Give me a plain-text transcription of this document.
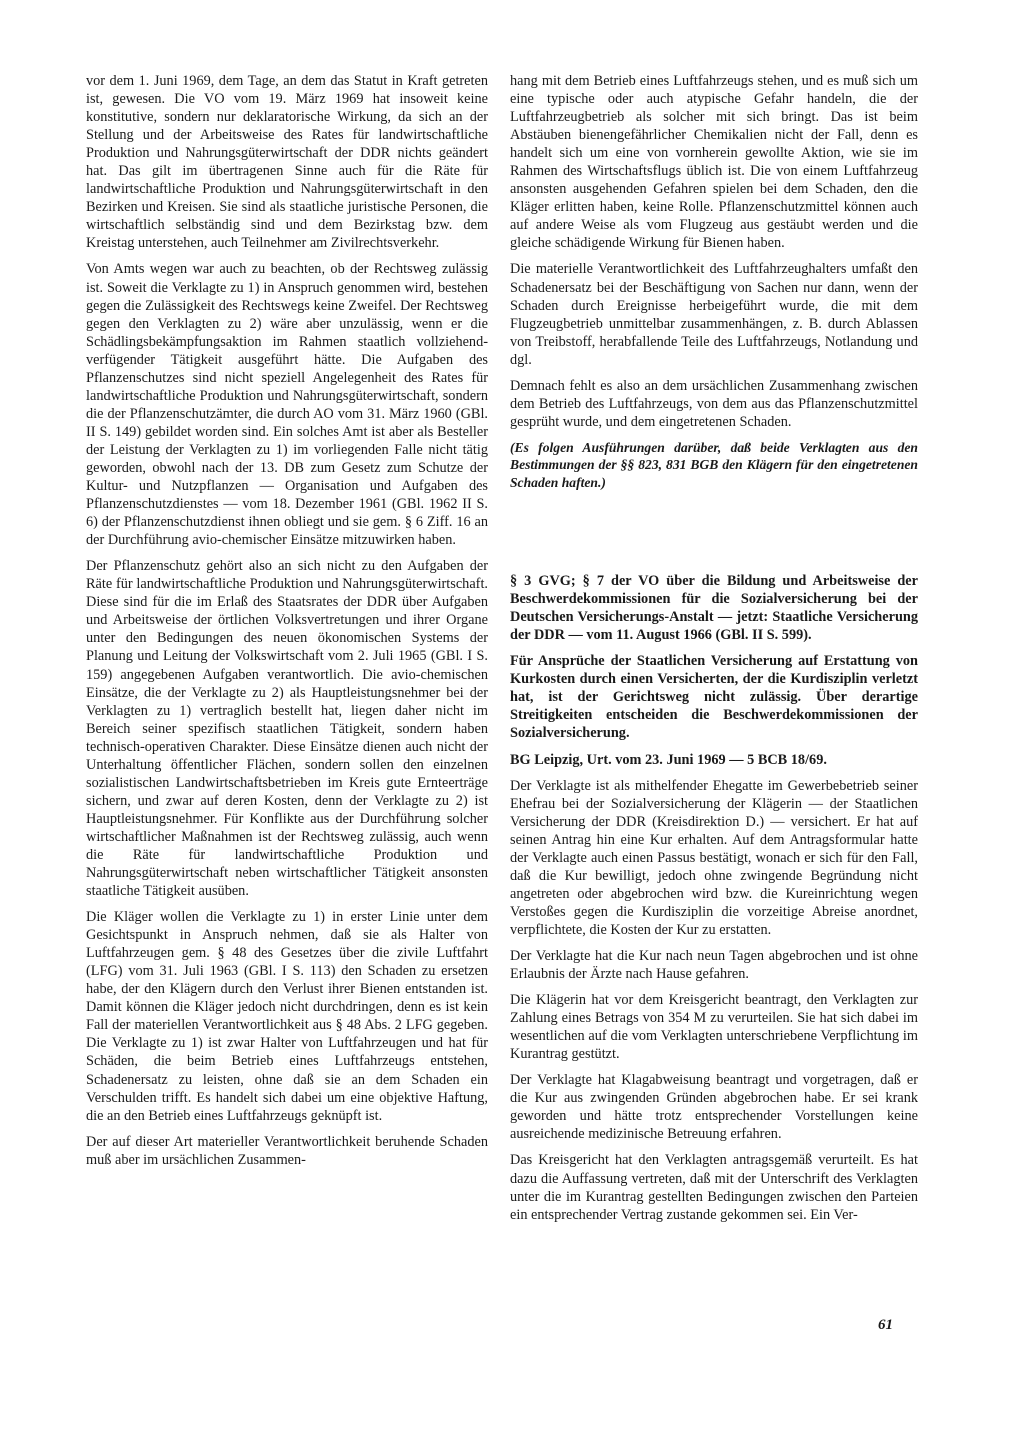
vor dem 1. Juni 1969, dem Tage, an dem das Statut in Kraft getreten ist, gewesen. Die VO vom 19. März 1969 hat insoweit keine konstitutive, sondern nur deklaratorische Wirkung, da sich an der Stellung und der Arbeitsweise des Rates für landwirtschaftliche Produktion und Nahrungsgüterwirtschaft der DDR nichts geändert hat. Das gilt im übertragenen Sinne auch für die Räte für landwirtschaftliche Produktion und Nahrungsgüterwirtschaft in den Bezirken und Kreisen. Sie sind als staatliche juristische Personen, die wirtschaftlich selbständig sind und dem Bezirkstag bzw. dem Kreistag unterstehen, auch Teilnehmer am Zivilrechtsverkehr.

Von Amts wegen war auch zu beachten, ob der Rechtsweg zulässig ist. Soweit die Verklagte zu 1) in Anspruch genommen wird, bestehen gegen die Zulässigkeit des Rechtswegs keine Zweifel. Der Rechtsweg gegen den Verklagten zu 2) wäre aber unzulässig, wenn er die Schädlingsbekämpfungsaktion im Rahmen staatlich vollziehend-verfügender Tätigkeit ausgeführt hätte. Die Aufgaben des Pflanzenschutzes sind nicht speziell Angelegenheit des Rates für landwirtschaftliche Produktion und Nahrungsgüterwirtschaft, sondern die der Pflanzenschutzämter, die durch AO vom 31. März 1960 (GBl. II S. 149) gebildet worden sind. Ein solches Amt ist aber als Besteller der Leistung der Verklagten zu 1) im vorliegenden Falle nicht tätig geworden, obwohl nach der 13. DB zum Gesetz zum Schutze der Kultur- und Nutzpflanzen — Organisation und Aufgaben des Pflanzenschutzdienstes — vom 18. Dezember 1961 (GBl. 1962 II S. 6) der Pflanzenschutzdienst ihnen obliegt und sie gem. § 6 Ziff. 16 an der Durchführung avio-chemischer Einsätze mitzuwirken haben.

Der Pflanzenschutz gehört also an sich nicht zu den Aufgaben der Räte für landwirtschaftliche Produktion und Nahrungsgüterwirtschaft. Diese sind für die im Erlaß des Staatsrates der DDR über Aufgaben und Arbeitsweise der örtlichen Volksvertretungen und ihrer Organe unter den Bedingungen des neuen ökonomischen Systems der Planung und Leitung der Volkswirtschaft vom 2. Juli 1965 (GBl. I S. 159) angegebenen Aufgaben verantwortlich. Die avio-chemischen Einsätze, die der Verklagte zu 2) als Hauptleistungsnehmer bei der Verklagten zu 1) vertraglich bestellt hat, liegen daher nicht im Bereich seiner spezifisch staatlichen Tätigkeit, sondern haben technisch-operativen Charakter. Diese Einsätze dienen auch nicht der Unterhaltung öffentlicher Flächen, sondern sollen den einzelnen sozialistischen Landwirtschaftsbetrieben im Kreis gute Ernteerträge sichern, und zwar auf deren Kosten, denn der Verklagte zu 2) ist Hauptleistungsnehmer. Für Konflikte aus der Durchführung solcher wirtschaftlicher Maßnahmen ist der Rechtsweg zulässig, auch wenn die Räte für landwirtschaftliche Produktion und Nahrungsgüterwirtschaft neben wirtschaftlicher Tätigkeit ansonsten staatliche Tätigkeit ausüben.

Die Kläger wollen die Verklagte zu 1) in erster Linie unter dem Gesichtspunkt in Anspruch nehmen, daß sie als Halter von Luftfahrzeugen gem. § 48 des Gesetzes über die zivile Luftfahrt (LFG) vom 31. Juli 1963 (GBl. I S. 113) den Schaden zu ersetzen habe, der den Klägern durch den Verlust ihrer Bienen entstanden ist. Damit können die Kläger jedoch nicht durchdringen, denn es ist kein Fall der materiellen Verantwortlichkeit aus § 48 Abs. 2 LFG gegeben. Die Verklagte zu 1) ist zwar Halter von Luftfahrzeugen und hat für Schäden, die beim Betrieb eines Luftfahrzeugs entstehen, Schadenersatz zu leisten, ohne daß sie an dem Schaden ein Verschulden trifft. Es handelt sich dabei um eine objektive Haftung, die an den Betrieb eines Luftfahrzeugs geknüpft ist.

Der auf dieser Art materieller Verantwortlichkeit beruhende Schaden muß aber im ursächlichen Zusammen-

hang mit dem Betrieb eines Luftfahrzeugs stehen, und es muß sich um eine typische oder auch atypische Gefahr handeln, die der Luftfahrzeugbetrieb als solcher mit sich bringt. Das ist beim Abstäuben bienengefährlicher Chemikalien nicht der Fall, denn es handelt sich um eine von vornherein gewollte Aktion, wie sie im Rahmen des Wirtschaftsflugs üblich ist. Die von einem Luftfahrzeug ansonsten ausgehenden Gefahren spielen bei dem Schaden, den die Kläger erlitten haben, keine Rolle. Pflanzenschutzmittel können auch auf andere Weise als vom Flugzeug aus gestäubt werden und die gleiche schädigende Wirkung für Bienen haben.

Die materielle Verantwortlichkeit des Luftfahrzeughalters umfaßt den Schadenersatz bei der Beschäftigung von Sachen nur dann, wenn der Schaden durch Ereignisse herbeigeführt wurde, die mit dem Flugzeugbetrieb unmittelbar zusammenhängen, z. B. durch Ablassen von Treibstoff, herabfallende Teile des Luftfahrzeugs, Notlandung und dgl.

Demnach fehlt es also an dem ursächlichen Zusammenhang zwischen dem Betrieb des Luftfahrzeugs, von dem aus das Pflanzenschutzmittel gesprüht wurde, und dem eingetretenen Schaden.

(Es folgen Ausführungen darüber, daß beide Verklagten aus den Bestimmungen der §§ 823, 831 BGB den Klägern für den eingetretenen Schaden haften.)

§ 3 GVG; § 7 der VO über die Bildung und Arbeitsweise der Beschwerdekommissionen für die Sozialversicherung bei der Deutschen Versicherungs-Anstalt — jetzt: Staatliche Versicherung der DDR — vom 11. August 1966 (GBl. II S. 599).

Für Ansprüche der Staatlichen Versicherung auf Erstattung von Kurkosten durch einen Versicherten, der die Kurdisziplin verletzt hat, ist der Gerichtsweg nicht zulässig. Über derartige Streitigkeiten entscheiden die Beschwerdekommissionen der Sozialversicherung.

BG Leipzig, Urt. vom 23. Juni 1969 — 5 BCB 18/69.

Der Verklagte ist als mithelfender Ehegatte im Gewerbebetrieb seiner Ehefrau bei der Sozialversicherung der Klägerin — der Staatlichen Versicherung der DDR (Kreisdirektion D.) — versichert. Er hat auf seinen Antrag hin eine Kur erhalten. Auf dem Antragsformular hatte der Verklagte auch einen Passus bestätigt, wonach er sich für den Fall, daß die Kur bewilligt, jedoch ohne zwingende Begründung nicht angetreten oder abgebrochen wird bzw. die Kureinrichtung wegen Verstoßes gegen die Kurdisziplin die vorzeitige Abreise anordnet, verpflichtete, die Kosten der Kur zu erstatten.

Der Verklagte hat die Kur nach neun Tagen abgebrochen und ist ohne Erlaubnis der Ärzte nach Hause gefahren.

Die Klägerin hat vor dem Kreisgericht beantragt, den Verklagten zur Zahlung eines Betrags von 354 M zu verurteilen. Sie hat sich dabei im wesentlichen auf die vom Verklagten unterschriebene Verpflichtung im Kurantrag gestützt.

Der Verklagte hat Klagabweisung beantragt und vorgetragen, daß er die Kur aus zwingenden Gründen abgebrochen habe. Er sei krank geworden und hätte trotz entsprechender Vorstellungen keine ausreichende medizinische Betreuung erfahren.

Das Kreisgericht hat den Verklagten antragsgemäß verurteilt. Es hat dazu die Auffassung vertreten, daß mit der Unterschrift des Verklagten unter die im Kurantrag gestellten Bedingungen zwischen den Parteien ein entsprechender Vertrag zustande gekommen sei. Ein Ver-

61
